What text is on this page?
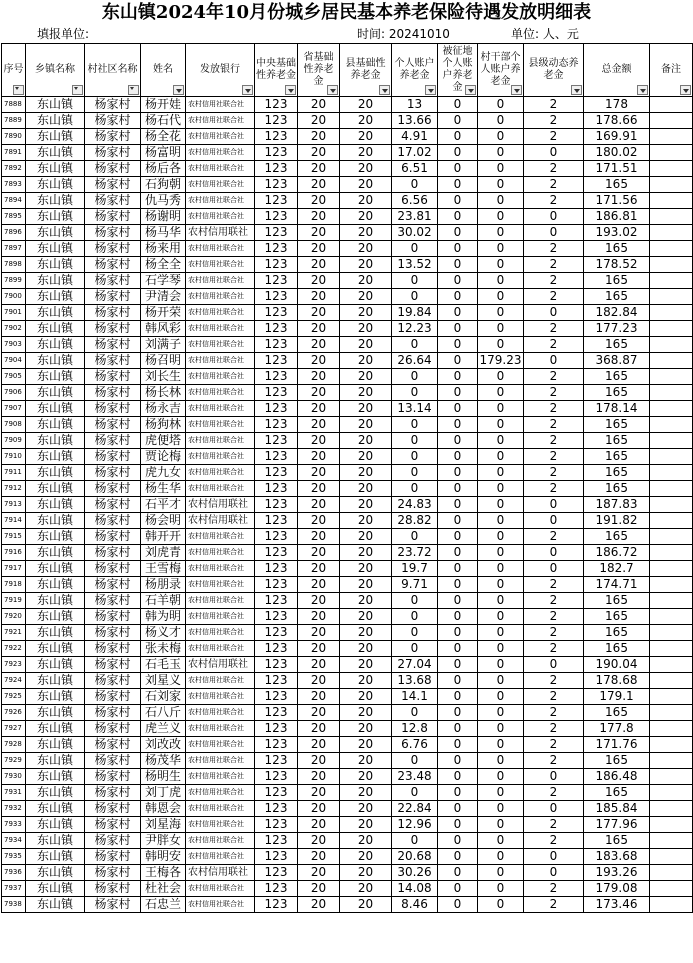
东山镇2024年10月份城乡居民基本养老保险待遇发放明细表
填报单位:	时间: 20241010	单位: 人、元
序号	乡镇名称	村社区名称	姓名	发放银行	中央基础性养老金	省基础性养老金	县基础性养老金	个人账户养老金	被征地个人账户养老金	村干部个人账户养老金	县级动态养老金	总金额	备注

7888	东山镇	杨家村	杨开娃	农村信用社联合社	123	20	20	13	0	0	2	178	
7889	东山镇	杨家村	杨石代	农村信用社联合社	123	20	20	13.66	0	0	2	178.66	
7890	东山镇	杨家村	杨全花	农村信用社联合社	123	20	20	4.91	0	0	2	169.91	
7891	东山镇	杨家村	杨富明	农村信用社联合社	123	20	20	17.02	0	0	0	180.02	
7892	东山镇	杨家村	杨后各	农村信用社联合社	123	20	20	6.51	0	0	2	171.51	
7893	东山镇	杨家村	石狗朝	农村信用社联合社	123	20	20	0	0	0	2	165	
7894	东山镇	杨家村	仇马秀	农村信用社联合社	123	20	20	6.56	0	0	2	171.56	
7895	东山镇	杨家村	杨谢明	农村信用社联合社	123	20	20	23.81	0	0	0	186.81	
7896	东山镇	杨家村	杨马华	农村信用联社	123	20	20	30.02	0	0	0	193.02	
7897	东山镇	杨家村	杨来用	农村信用社联合社	123	20	20	0	0	0	2	165	
7898	东山镇	杨家村	杨全全	农村信用社联合社	123	20	20	13.52	0	0	2	178.52	
7899	东山镇	杨家村	石学琴	农村信用社联合社	123	20	20	0	0	0	2	165	
7900	东山镇	杨家村	尹清会	农村信用社联合社	123	20	20	0	0	0	2	165	
7901	东山镇	杨家村	杨开荣	农村信用社联合社	123	20	20	19.84	0	0	0	182.84	
7902	东山镇	杨家村	韩风彩	农村信用社联合社	123	20	20	12.23	0	0	2	177.23	
7903	东山镇	杨家村	刘满子	农村信用社联合社	123	20	20	0	0	0	2	165	
7904	东山镇	杨家村	杨召明	农村信用社联合社	123	20	20	26.64	0	179.23	0	368.87	
7905	东山镇	杨家村	刘长生	农村信用社联合社	123	20	20	0	0	0	2	165	
7906	东山镇	杨家村	杨长林	农村信用社联合社	123	20	20	0	0	0	2	165	
7907	东山镇	杨家村	杨永吉	农村信用社联合社	123	20	20	13.14	0	0	2	178.14	
7908	东山镇	杨家村	杨狗林	农村信用社联合社	123	20	20	0	0	0	2	165	
7909	东山镇	杨家村	虎便塔	农村信用社联合社	123	20	20	0	0	0	2	165	
7910	东山镇	杨家村	贾论梅	农村信用社联合社	123	20	20	0	0	0	2	165	
7911	东山镇	杨家村	虎九女	农村信用社联合社	123	20	20	0	0	0	2	165	
7912	东山镇	杨家村	杨生华	农村信用社联合社	123	20	20	0	0	0	2	165	
7913	东山镇	杨家村	石平才	农村信用联社	123	20	20	24.83	0	0	0	187.83	
7914	东山镇	杨家村	杨会明	农村信用联社	123	20	20	28.82	0	0	0	191.82	
7915	东山镇	杨家村	韩开开	农村信用社联合社	123	20	20	0	0	0	2	165	
7916	东山镇	杨家村	刘虎青	农村信用社联合社	123	20	20	23.72	0	0	0	186.72	
7917	东山镇	杨家村	王雪梅	农村信用社联合社	123	20	20	19.7	0	0	0	182.7	
7918	东山镇	杨家村	杨朋录	农村信用社联合社	123	20	20	9.71	0	0	2	174.71	
7919	东山镇	杨家村	石羊朝	农村信用社联合社	123	20	20	0	0	0	2	165	
7920	东山镇	杨家村	韩为明	农村信用社联合社	123	20	20	0	0	0	2	165	
7921	东山镇	杨家村	杨义才	农村信用社联合社	123	20	20	0	0	0	2	165	
7922	东山镇	杨家村	张未梅	农村信用社联合社	123	20	20	0	0	0	2	165	
7923	东山镇	杨家村	石毛玉	农村信用联社	123	20	20	27.04	0	0	0	190.04	
7924	东山镇	杨家村	刘星义	农村信用社联合社	123	20	20	13.68	0	0	2	178.68	
7925	东山镇	杨家村	石刘家	农村信用社联合社	123	20	20	14.1	0	0	2	179.1	
7926	东山镇	杨家村	石八斤	农村信用社联合社	123	20	20	0	0	0	2	165	
7927	东山镇	杨家村	虎兰义	农村信用社联合社	123	20	20	12.8	0	0	2	177.8	
7928	东山镇	杨家村	刘改改	农村信用社联合社	123	20	20	6.76	0	0	2	171.76	
7929	东山镇	杨家村	杨茂华	农村信用社联合社	123	20	20	0	0	0	2	165	
7930	东山镇	杨家村	杨明生	农村信用社联合社	123	20	20	23.48	0	0	0	186.48	
7931	东山镇	杨家村	刘丁虎	农村信用社联合社	123	20	20	0	0	0	2	165	
7932	东山镇	杨家村	韩恩会	农村信用社联合社	123	20	20	22.84	0	0	0	185.84	
7933	东山镇	杨家村	刘星海	农村信用社联合社	123	20	20	12.96	0	0	2	177.96	
7934	东山镇	杨家村	尹胖女	农村信用社联合社	123	20	20	0	0	0	2	165	
7935	东山镇	杨家村	韩明安	农村信用社联合社	123	20	20	20.68	0	0	0	183.68	
7936	东山镇	杨家村	王梅各	农村信用联社	123	20	20	30.26	0	0	0	193.26	
7937	东山镇	杨家村	杜社会	农村信用社联合社	123	20	20	14.08	0	0	2	179.08	
7938	东山镇	杨家村	石忠兰	农村信用社联合社	123	20	20	8.46	0	0	2	173.46	
